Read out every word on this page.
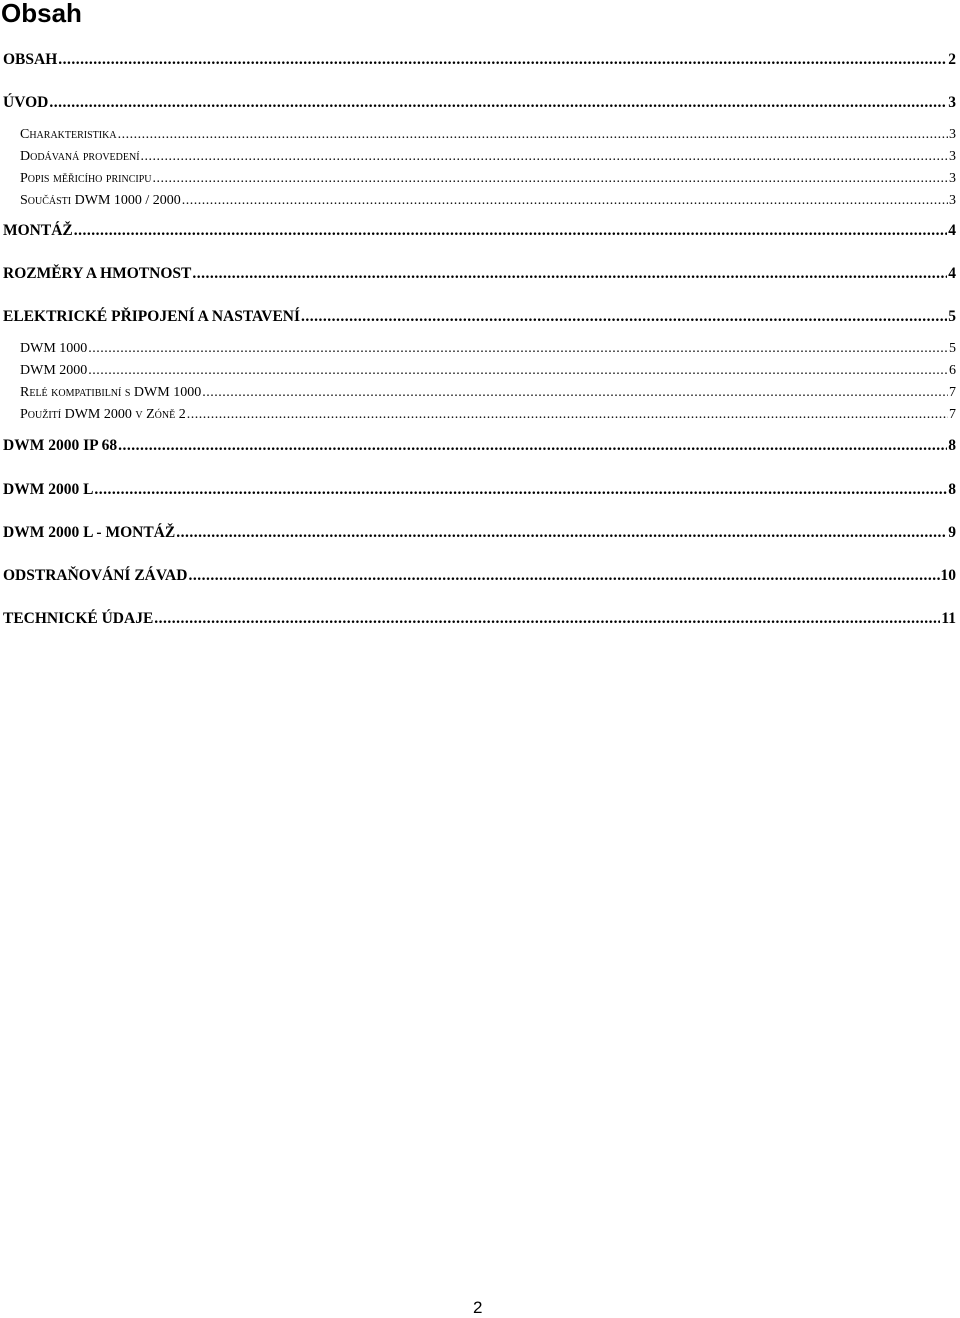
Obsah
OBSAH .....	2
ÚVOD .....	3
Charakteristika .....	3
Dodávaná provedení .....	3
Popis měřicího principu .....	3
Součásti DWM 1000 / 2000 .....	3
MONTÁŽ .....	4
ROZMĚRY A HMOTNOST .....	4
ELEKTRICKÉ PŘIPOJENÍ A NASTAVENÍ .....	5
DWM 1000 .....	5
DWM 2000 .....	6
Relé kompatibilní s DWM 1000 .....	7
Použití DWM 2000 v Zóně 2 .....	7
DWM 2000 IP 68 .....	8
DWM 2000 L .....	8
DWM 2000 L - MONTÁŽ .....	9
ODSTRAŇOVÁNÍ ZÁVAD .....	10
TECHNICKÉ ÚDAJE .....	11
2
